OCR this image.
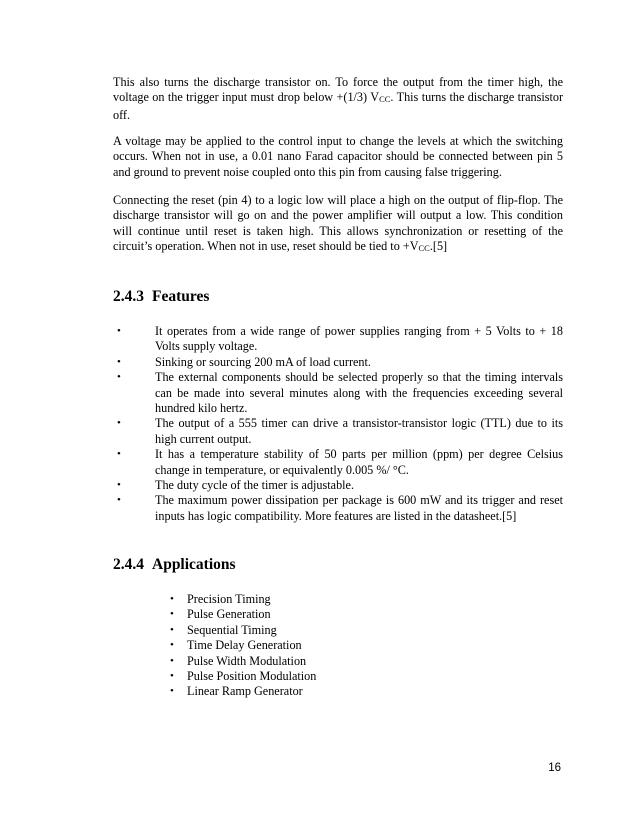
This also turns the discharge transistor on. To force the output from the timer high, the voltage on the trigger input must drop below +(1/3) VCC. This turns the discharge transistor off.

A voltage may be applied to the control input to change the levels at which the switching occurs. When not in use, a 0.01 nano Farad capacitor should be connected between pin 5 and ground to prevent noise coupled onto this pin from causing false triggering.

Connecting the reset (pin 4) to a logic low will place a high on the output of flip-flop. The discharge transistor will go on and the power amplifier will output a low. This condition will continue until reset is taken high. This allows synchronization or resetting of the circuit’s operation. When not in use, reset should be tied to +VCC.[5]

2.4.3 Features
•	It operates from a wide range of power supplies ranging from + 5 Volts to + 18 Volts supply voltage.
•	Sinking or sourcing 200 mA of load current.
•	The external components should be selected properly so that the timing intervals can be made into several minutes along with the frequencies exceeding several hundred kilo hertz.
•	The output of a 555 timer can drive a transistor-transistor logic (TTL) due to its high current output.
•	It has a temperature stability of 50 parts per million (ppm) per degree Celsius change in temperature, or equivalently 0.005 %/ °C.
•	The duty cycle of the timer is adjustable.
•	The maximum power dissipation per package is 600 mW and its trigger and reset inputs has logic compatibility. More features are listed in the datasheet.[5]
2.4.4 Applications
• Precision Timing
• Pulse Generation
• Sequential Timing
• Time Delay Generation
• Pulse Width Modulation
• Pulse Position Modulation
• Linear Ramp Generator
16
